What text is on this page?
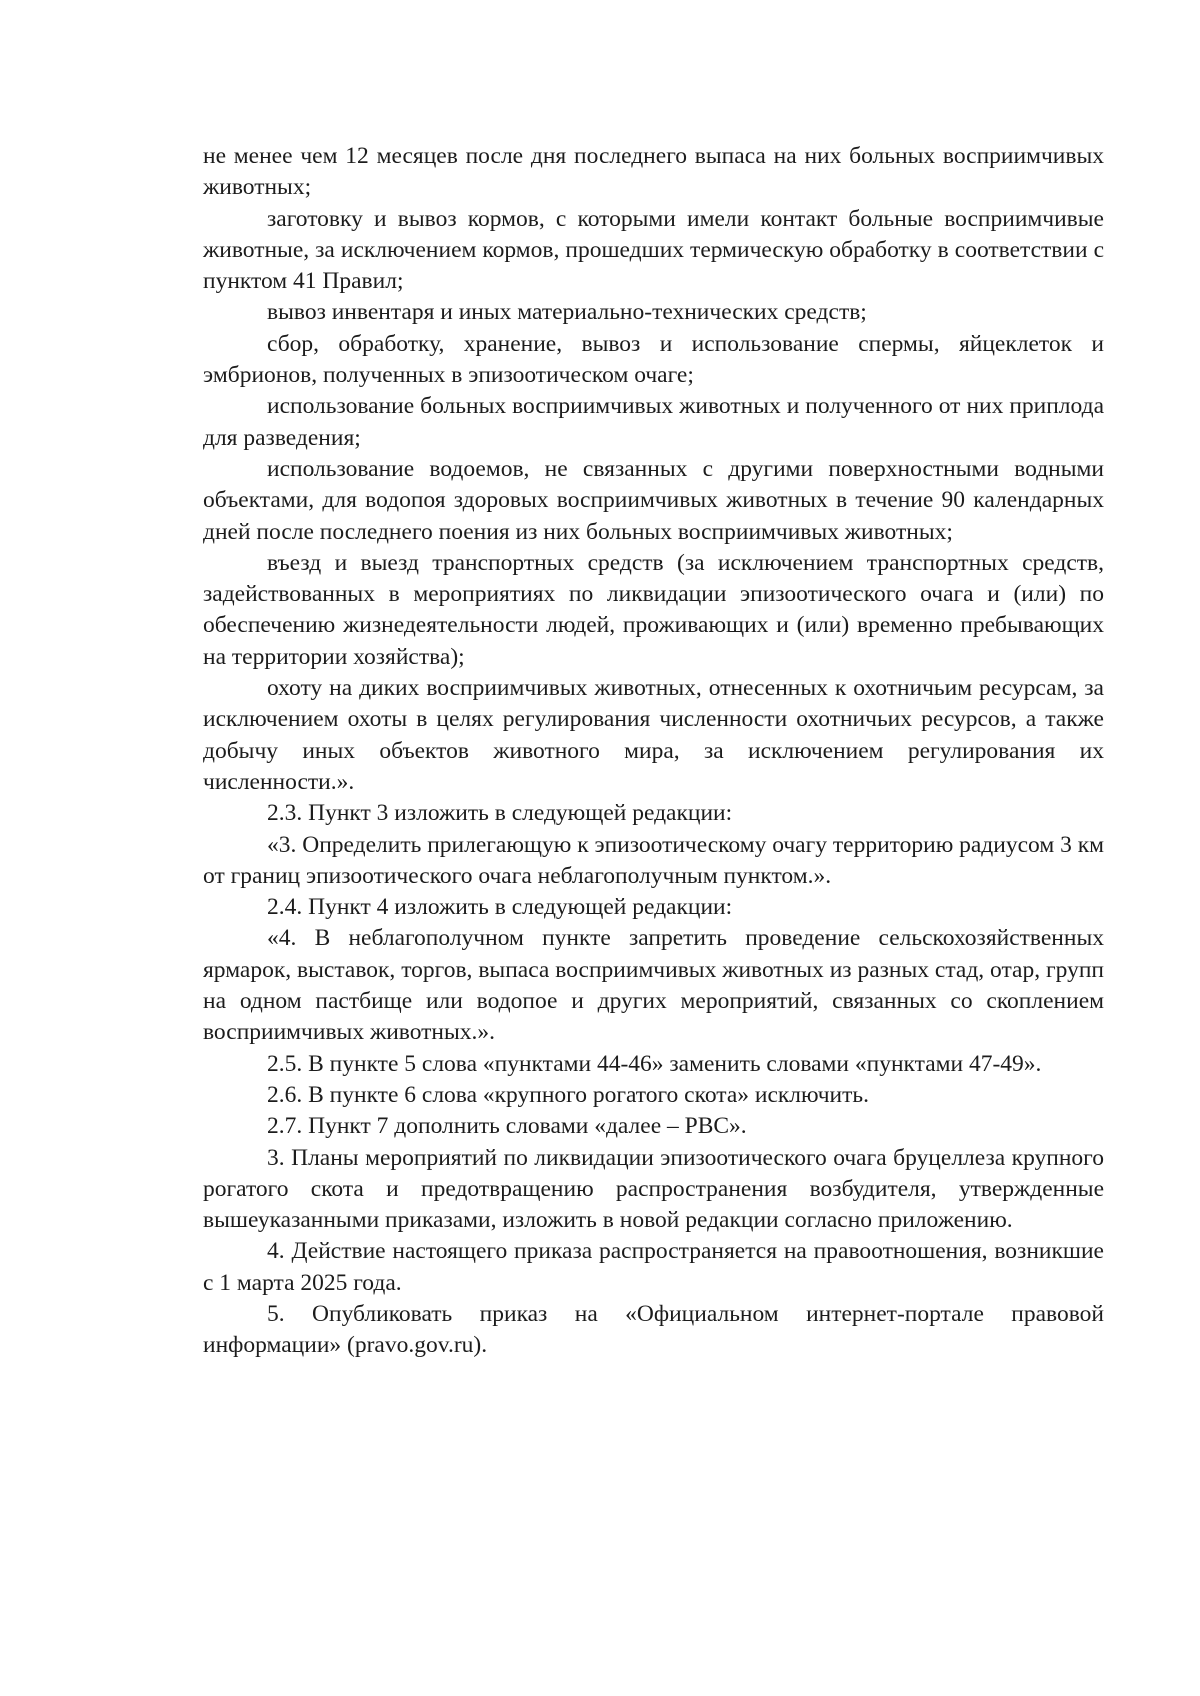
не менее чем 12 месяцев после дня последнего выпаса на них больных восприимчивых животных;

заготовку и вывоз кормов, с которыми имели контакт больные восприимчивые животные, за исключением кормов, прошедших термическую обработку в соответствии с пунктом 41 Правил;

вывоз инвентаря и иных материально-технических средств;

сбор, обработку, хранение, вывоз и использование спермы, яйцеклеток и эмбрионов, полученных в эпизоотическом очаге;

использование больных восприимчивых животных и полученного от них приплода для разведения;

использование водоемов, не связанных с другими поверхностными водными объектами, для водопоя здоровых восприимчивых животных в течение 90 календарных дней после последнего поения из них больных восприимчивых животных;

въезд и выезд транспортных средств (за исключением транспортных средств, задействованных в мероприятиях по ликвидации эпизоотического очага и (или) по обеспечению жизнедеятельности людей, проживающих и (или) временно пребывающих на территории хозяйства);

охоту на диких восприимчивых животных, отнесенных к охотничьим ресурсам, за исключением охоты в целях регулирования численности охотничьих ресурсов, а также добычу иных объектов животного мира, за исключением регулирования их численности.».

2.3. Пункт 3 изложить в следующей редакции:

«3. Определить прилегающую к эпизоотическому очагу территорию радиусом 3 км от границ эпизоотического очага неблагополучным пунктом.».

2.4. Пункт 4 изложить в следующей редакции:

«4. В неблагополучном пункте запретить проведение сельскохозяйственных ярмарок, выставок, торгов, выпаса восприимчивых животных из разных стад, отар, групп на одном пастбище или водопое и других мероприятий, связанных со скоплением восприимчивых животных.».

2.5. В пункте 5 слова «пунктами 44-46» заменить словами «пунктами 47-49».

2.6. В пункте 6 слова «крупного рогатого скота» исключить.

2.7. Пункт 7 дополнить словами «далее – РВС».

3. Планы мероприятий по ликвидации эпизоотического очага бруцеллеза крупного рогатого скота и предотвращению распространения возбудителя, утвержденные вышеуказанными приказами, изложить в новой редакции согласно приложению.

4. Действие настоящего приказа распространяется на правоотношения, возникшие с 1 марта 2025 года.

5. Опубликовать приказ на «Официальном интернет-портале правовой информации» (pravo.gov.ru).
